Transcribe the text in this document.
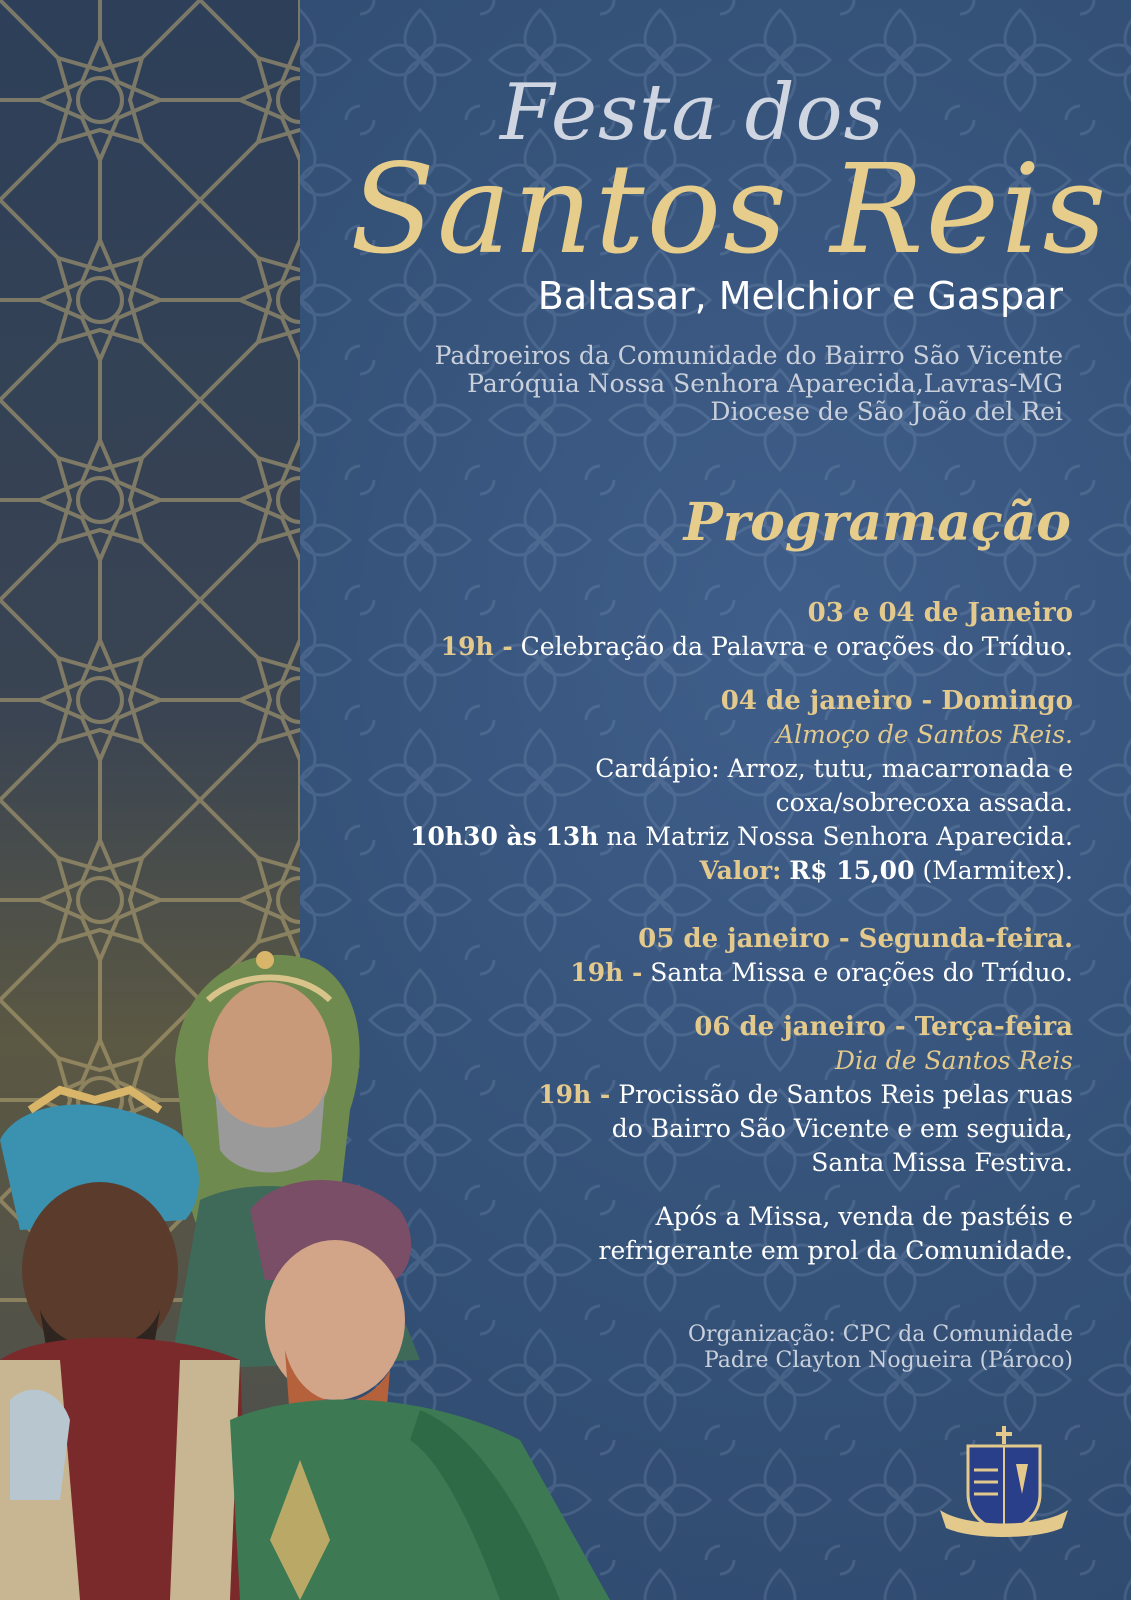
Festa dos
Santos Reis
Baltasar, Melchior e Gaspar
Padroeiros da Comunidade do Bairro São Vicente
Paróquia Nossa Senhora Aparecida,Lavras-MG
Diocese de São João del Rei
Programação
03 e 04 de Janeiro
19h - Celebração da Palavra e orações do Tríduo.
04 de janeiro - Domingo
Almoço de Santos Reis.
Cardápio: Arroz, tutu, macarronada e
coxa/sobrecoxa assada.
10h30 às 13h na Matriz Nossa Senhora Aparecida.
Valor: R$ 15,00 (Marmitex).
05 de janeiro - Segunda-feira.
19h - Santa Missa e orações do Tríduo.
06 de janeiro - Terça-feira
Dia de Santos Reis
19h - Procissão de Santos Reis pelas ruas
do Bairro São Vicente e em seguida,
Santa Missa Festiva.
Após a Missa, venda de pastéis e
refrigerante em prol da Comunidade.
Organização: CPC da Comunidade
Padre Clayton Nogueira (Pároco)
